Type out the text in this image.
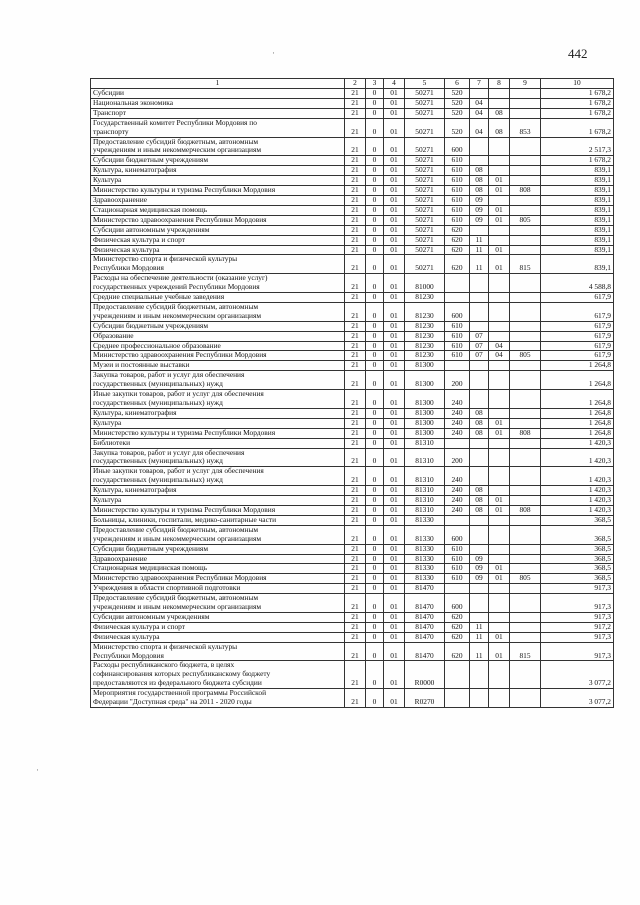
442
1	2	3	4	5	6	7	8	9	10
Субсидии	21	0	01	50271	520				1 678,2
Национальная экономика	21	0	01	50271	520	04			1 678,2
Транспорт	21	0	01	50271	520	04	08		1 678,2
Государственный комитет Республики Мордовия по
транспорту	21	0	01	50271	520	04	08	853	1 678,2
Предоставление субсидий бюджетным, автономным
учреждениям и иным некоммерческим организациям	21	0	01	50271	600				2 517,3
Субсидии бюджетным учреждениям	21	0	01	50271	610				1 678,2
Культура, кинематография	21	0	01	50271	610	08			839,1
Культура	21	0	01	50271	610	08	01		839,1
Министерство культуры и туризма Республики Мордовия	21	0	01	50271	610	08	01	808	839,1
Здравоохранение	21	0	01	50271	610	09			839,1
Стационарная медицинская помощь	21	0	01	50271	610	09	01		839,1
Министерство здравоохранения Республики Мордовия	21	0	01	50271	610	09	01	805	839,1
Субсидии автономным учреждениям	21	0	01	50271	620				839,1
Физическая культура и спорт	21	0	01	50271	620	11			839,1
Физическая культура	21	0	01	50271	620	11	01		839,1
Министерство спорта и физической культуры
Республики Мордовия	21	0	01	50271	620	11	01	815	839,1
Расходы на обеспечение деятельности (оказание услуг)
государственных учреждений Республики Мордовия	21	0	01	81000					4 588,8
Средние специальные учебные заведения	21	0	01	81230					617,9
Предоставление субсидий бюджетным, автономным
учреждениям и иным некоммерческим организациям	21	0	01	81230	600				617,9
Субсидии бюджетным учреждениям	21	0	01	81230	610				617,9
Образование	21	0	01	81230	610	07			617,9
Среднее профессиональное образование	21	0	01	81230	610	07	04		617,9
Министерство здравоохранения Республики Мордовия	21	0	01	81230	610	07	04	805	617,9
Музеи и постоянные выставки	21	0	01	81300					1 264,8
Закупка товаров, работ и услуг для обеспечения
государственных (муниципальных) нужд	21	0	01	81300	200				1 264,8
Иные закупки товаров, работ и услуг для обеспечения
государственных (муниципальных) нужд	21	0	01	81300	240				1 264,8
Культура, кинематография	21	0	01	81300	240	08			1 264,8
Культура	21	0	01	81300	240	08	01		1 264,8
Министерство культуры и туризма Республики Мордовия	21	0	01	81300	240	08	01	808	1 264,8
Библиотеки	21	0	01	81310					1 420,3
Закупка товаров, работ и услуг для обеспечения
государственных (муниципальных) нужд	21	0	01	81310	200				1 420,3
Иные закупки товаров, работ и услуг для обеспечения
государственных (муниципальных) нужд	21	0	01	81310	240				1 420,3
Культура, кинематография	21	0	01	81310	240	08			1 420,3
Культура	21	0	01	81310	240	08	01		1 420,3
Министерство культуры и туризма Республики Мордовия	21	0	01	81310	240	08	01	808	1 420,3
Больницы, клиники, госпитали, медико-санитарные части	21	0	01	81330					368,5
Предоставление субсидий бюджетным, автономным
учреждениям и иным некоммерческим организациям	21	0	01	81330	600				368,5
Субсидии бюджетным учреждениям	21	0	01	81330	610				368,5
Здравоохранение	21	0	01	81330	610	09			368,5
Стационарная медицинская помощь	21	0	01	81330	610	09	01		368,5
Министерство здравоохранения Республики Мордовия	21	0	01	81330	610	09	01	805	368,5
Учреждения в области спортивной подготовки	21	0	01	81470					917,3
Предоставление субсидий бюджетным, автономным
учреждениям и иным некоммерческим организациям	21	0	01	81470	600				917,3
Субсидии автономным учреждениям	21	0	01	81470	620				917,3
Физическая культура и спорт	21	0	01	81470	620	11			917,2
Физическая культура	21	0	01	81470	620	11	01		917,3
Министерство спорта и физической культуры
Республики Мордовия	21	0	01	81470	620	11	01	815	917,3
Расходы республиканского бюджета, в целях
софинансирования которых республиканскому бюджету
предоставляются из федерального бюджета субсидии	21	0	01	R0000					3 077,2
Мероприятия государственной программы Российской
Федерации "Доступная среда" на 2011 - 2020 годы	21	0	01	R0270					3 077,2
·
·
